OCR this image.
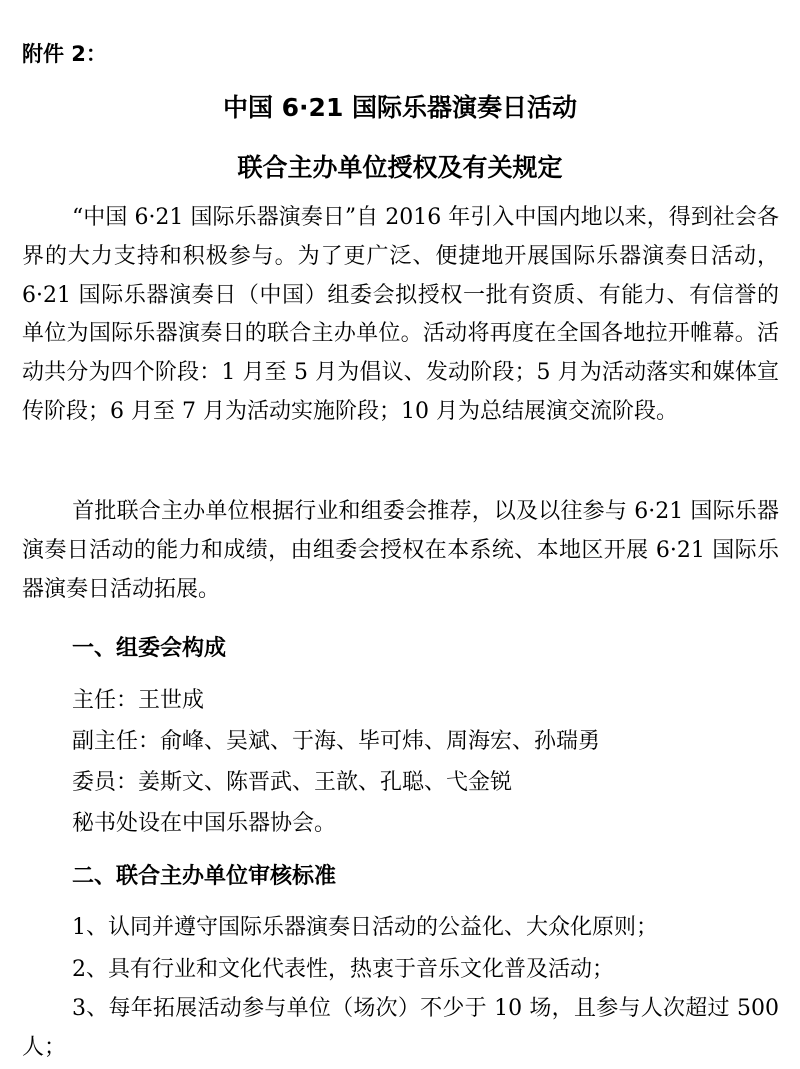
附件 2：
中国 6·21 国际乐器演奏日活动
联合主办单位授权及有关规定

“中国 6·21 国际乐器演奏日”自 2016 年引入中国内地以来，得到社会各界的大力支持和积极参与。为了更广泛、便捷地开展国际乐器演奏日活动，6·21 国际乐器演奏日（中国）组委会拟授权一批有资质、有能力、有信誉的单位为国际乐器演奏日的联合主办单位。活动将再度在全国各地拉开帷幕。活动共分为四个阶段：1 月至 5 月为倡议、发动阶段；5 月为活动落实和媒体宣传阶段；6 月至 7 月为活动实施阶段；10 月为总结展演交流阶段。

首批联合主办单位根据行业和组委会推荐，以及以往参与 6·21 国际乐器演奏日活动的能力和成绩，由组委会授权在本系统、本地区开展 6·21 国际乐器演奏日活动拓展。

一、组委会构成

主任：王世成

副主任：俞峰、吴斌、于海、毕可炜、周海宏、孙瑞勇

委员：姜斯文、陈晋武、王歆、孔聪、弋金锐

秘书处设在中国乐器协会。

二、联合主办单位审核标准

1、认同并遵守国际乐器演奏日活动的公益化、大众化原则；

2、具有行业和文化代表性，热衷于音乐文化普及活动；

3、每年拓展活动参与单位（场次）不少于 10 场，且参与人次超过 500 人；
